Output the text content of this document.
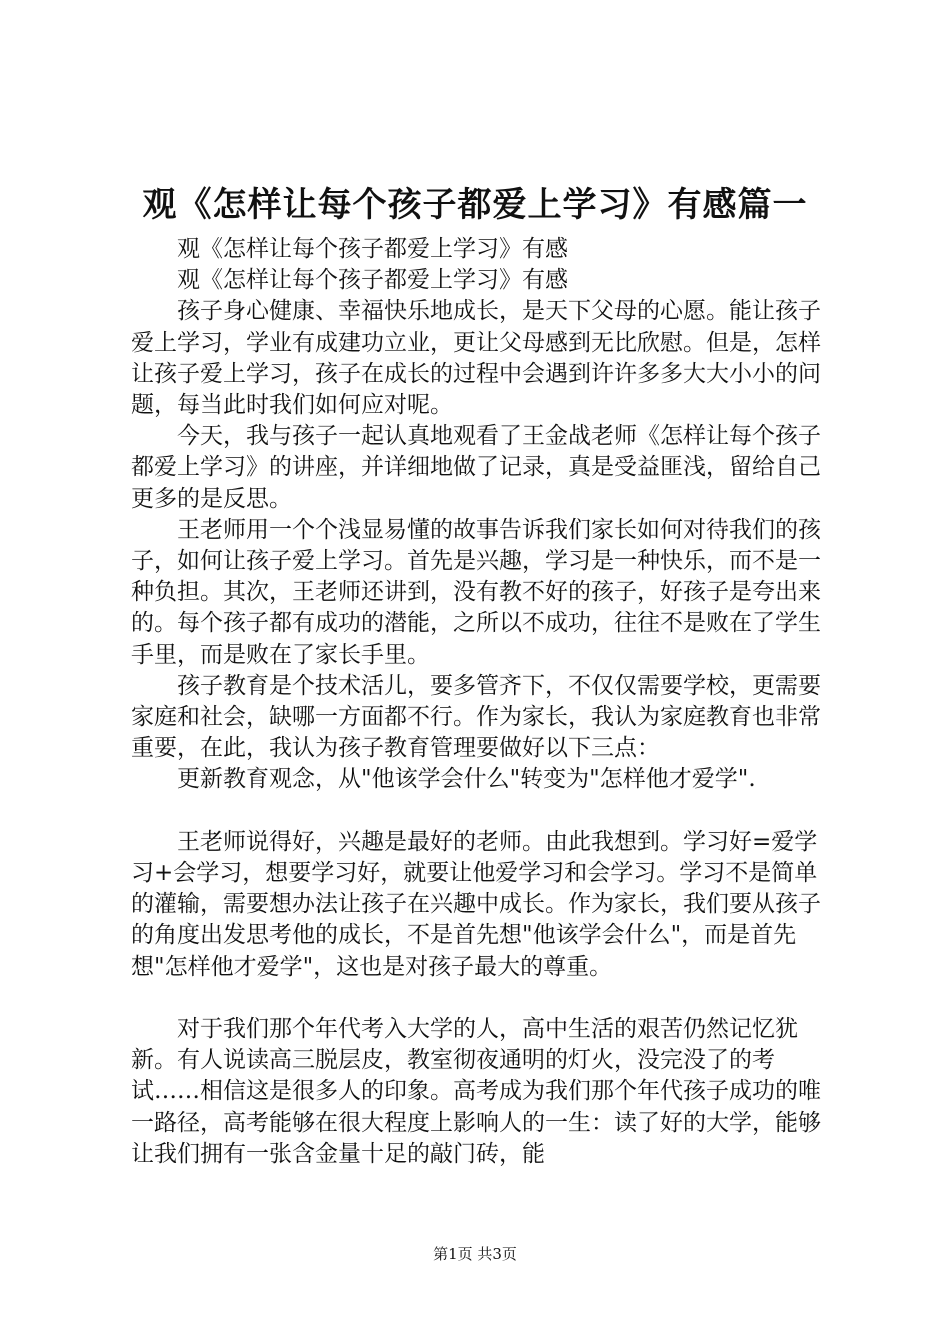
观《怎样让每个孩子都爱上学习》有感篇一

观《怎样让每个孩子都爱上学习》有感

观《怎样让每个孩子都爱上学习》有感

孩子身心健康、幸福快乐地成长，是天下父母的心愿。能让孩子爱上学习，学业有成建功立业，更让父母感到无比欣慰。但是，怎样让孩子爱上学习，孩子在成长的过程中会遇到许许多多大大小小的问题，每当此时我们如何应对呢。

今天，我与孩子一起认真地观看了王金战老师《怎样让每个孩子都爱上学习》的讲座，并详细地做了记录，真是受益匪浅，留给自己更多的是反思。

王老师用一个个浅显易懂的故事告诉我们家长如何对待我们的孩子，如何让孩子爱上学习。首先是兴趣，学习是一种快乐，而不是一种负担。其次，王老师还讲到，没有教不好的孩子，好孩子是夸出来的。每个孩子都有成功的潜能，之所以不成功，往往不是败在了学生手里，而是败在了家长手里。

孩子教育是个技术活儿，要多管齐下，不仅仅需要学校，更需要家庭和社会，缺哪一方面都不行。作为家长，我认为家庭教育也非常重要，在此，我认为孩子教育管理要做好以下三点：

更新教育观念，从"他该学会什么"转变为"怎样他才爱学".

王老师说得好，兴趣是最好的老师。由此我想到。学习好=爱学习+会学习，想要学习好，就要让他爱学习和会学习。学习不是简单的灌输，需要想办法让孩子在兴趣中成长。作为家长，我们要从孩子的角度出发思考他的成长，不是首先想"他该学会什么"，而是首先想"怎样他才爱学"，这也是对孩子最大的尊重。

对于我们那个年代考入大学的人，高中生活的艰苦仍然记忆犹新。有人说读高三脱层皮，教室彻夜通明的灯火，没完没了的考试……相信这是很多人的印象。高考成为我们那个年代孩子成功的唯一路径，高考能够在很大程度上影响人的一生：读了好的大学，能够让我们拥有一张含金量十足的敲门砖，能

第1页 共3页
